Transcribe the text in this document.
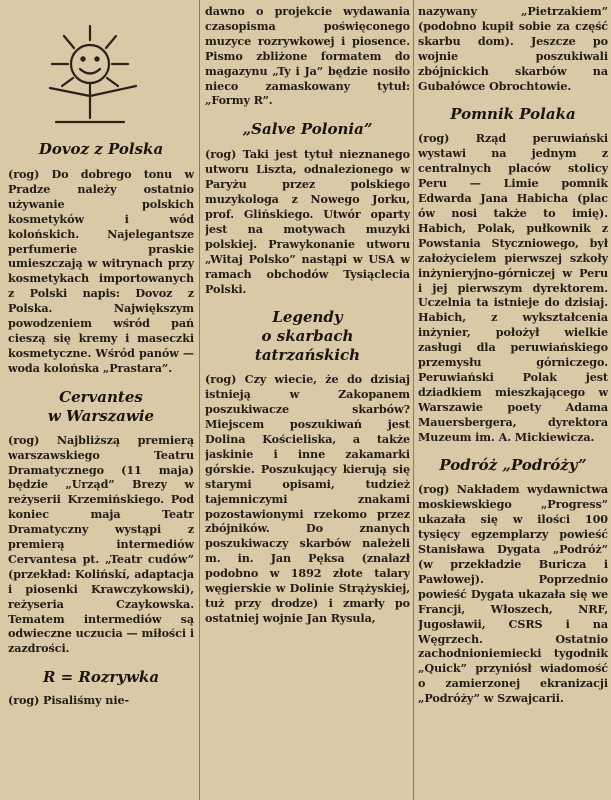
Dovoz z Polska

(rog) Do dobrego tonu w Pradze należy ostatnio używanie polskich kosmetyków i wód kolońskich. Najelegantsze perfumerie praskie umieszczają w witrynach przy kosmetykach importowanych z Polski napis: Dovoz z Polska. Największym powodzeniem wśród pań cieszą się kremy i maseczki kosmetyczne. Wśród panów — woda kolońska „Prastara”.

Cervantes
w Warszawie

(rog) Najbliższą premierą warszawskiego Teatru Dramatycznego (11 maja) będzie „Urząd” Brezy w reżyserii Krzemińskiego. Pod koniec maja Teatr Dramatyczny wystąpi z premierą intermediów Cervantesa pt. „Teatr cudów” (przekład: Kolińskí, adaptacja i piosenki Krawczykowski), reżyseria Czaykowska. Tematem intermediów są odwieczne uczucia — miłości i zazdrości.

R = Rozrywka

(rog) Pisaliśmy nie-

dawno o projekcie wydawania czasopisma poświęconego muzyce rozrywkowej i piosence. Pismo zbliżone formatem do magazynu „Ty i Ja” będzie nosiło nieco zamaskowany tytuł: „Formy R”.

„Salve Polonia”

(rog) Taki jest tytuł nieznanego utworu Liszta, odnalezionego w Paryżu przez polskiego muzykologa z Nowego Jorku, prof. Glińskiego. Utwór oparty jest na motywach muzyki polskiej. Prawykonanie utworu „Witaj Polsko” nastąpi w USA w ramach obchodów Tysiąclecia Polski.

Legendy
o skarbach
tatrzańskich

(rog) Czy wiecie, że do dzisiaj istnieją w Zakopanem poszukiwacze skarbów? Miejscem poszukiwań jest Dolina Kościeliska, a także jaskinie i inne zakamarki górskie. Poszukujący kierują się starymi opisami, tudzież tajemniczymi znakami pozostawionymi rzekomo przez zbójników. Do znanych poszukiwaczy skarbów należeli m. in. Jan Pęksa (znalazł podobno w 1892 złote talary węgierskie w Dolinie Strążyskiej, tuż przy drodze) i zmarły po ostatniej wojnie Jan Rysula,

nazywany „Pietrzakiem” (podobno kupił sobie za część skarbu dom). Jeszcze po wojnie poszukiwali zbójnickich skarbów na Gubałówce Obrochtowie.

Pomnik Polaka

(rog) Rząd peruwiański wystawi na jednym z centralnych placów stolicy Peru — Limie pomnik Edwarda Jana Habicha (plac ów nosi także to imię). Habich, Polak, pułkownik z Powstania Styczniowego, był założycielem pierwszej szkoły inżynieryjno-górniczej w Peru i jej pierwszym dyrektorem. Uczelnia ta istnieje do dzisiaj. Habich, z wykształcenia inżynier, położył wielkie zasługi dla peruwiańskiego przemysłu górniczego. Peruwiański Polak jest dziadkiem mieszkającego w Warszawie poety Adama Mauersbergera, dyrektora Muzeum im. A. Mickiewicza.

Podróż „Podróży”

(rog) Nakładem wydawnictwa moskiewskiego „Progress” ukazała się w ilości 100 tysięcy egzemplarzy powieść Stanisława Dygata „Podróż” (w przekładzie Buricza i Pawłowej). Poprzednio powieść Dygata ukazała się we Francji, Włoszech, NRF, Jugosławii, CSRS i na Węgrzech. Ostatnio zachodnioniemiecki tygodnik „Quick” przyniósł wiadomość o zamierzonej ekranizacji „Podróży” w Szwajcarii.
